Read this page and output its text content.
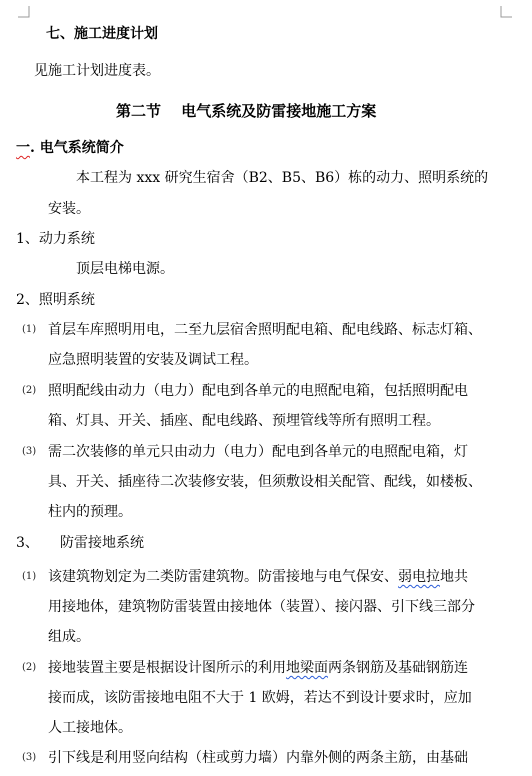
七、施工进度计划
见施工计划进度表。
第二节　 电气系统及防雷接地施工方案
一. 电气系统简介
本工程为 xxx 研究生宿舍（B2、B5、B6）栋的动力、照明系统的
安装。
1、动力系统
顶层电梯电源。
2、照明系统
(1) 首层车库照明用电，二至九层宿舍照明配电箱、配电线路、标志灯箱、
应急照明装置的安装及调试工程。
(2) 照明配线由动力（电力）配电到各单元的电照配电箱，包括照明配电
箱、灯具、开关、插座、配电线路、预埋管线等所有照明工程。
(3) 需二次装修的单元只由动力（电力）配电到各单元的电照配电箱，灯
具、开关、插座待二次装修安装，但须敷设相关配管、配线，如楼板、
柱内的预理。
3、 防雷接地系统
(1) 该建筑物划定为二类防雷建筑物。防雷接地与电气保安、弱电拉地共
用接地体，建筑物防雷装置由接地体（装置）、接闪器、引下线三部分
组成。
(2) 接地装置主要是根据设计图所示的利用地梁面两条钢筋及基础钢筋连
接而成，该防雷接地电阻不大于 1 欧姆，若达不到设计要求时，应加
人工接地体。
(3) 引下线是利用竖向结构（柱或剪力墙）内靠外侧的两条主筋，由基础
